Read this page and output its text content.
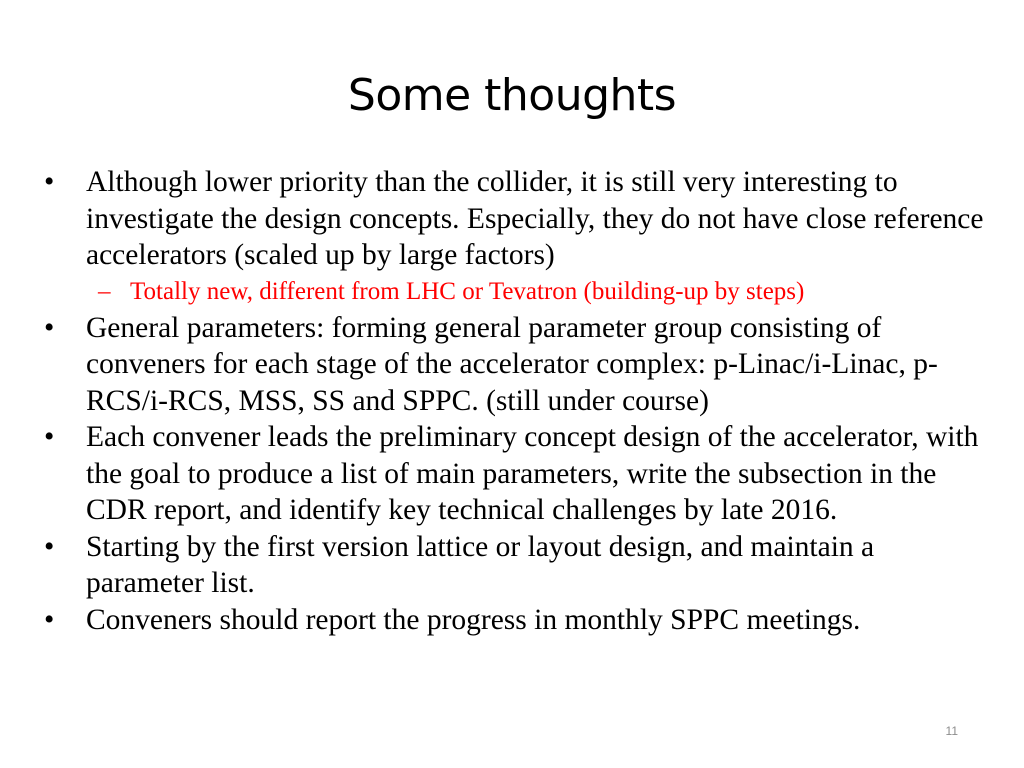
Some thoughts
• Although lower priority than the collider, it is still very interesting to investigate the design concepts. Especially, they do not have close reference accelerators (scaled up by large factors)
– Totally new, different from LHC or Tevatron (building-up by steps)
• General parameters: forming general parameter group consisting of conveners for each stage of the accelerator complex: p-Linac/i-Linac, p-RCS/i-RCS, MSS, SS and SPPC. (still under course)
• Each convener leads the preliminary concept design of the accelerator, with the goal to produce a list of main parameters, write the subsection in the CDR report, and identify key technical challenges by late 2016.
• Starting by the first version lattice or layout design, and maintain a parameter list.
• Conveners should report the progress in monthly SPPC meetings.
11
